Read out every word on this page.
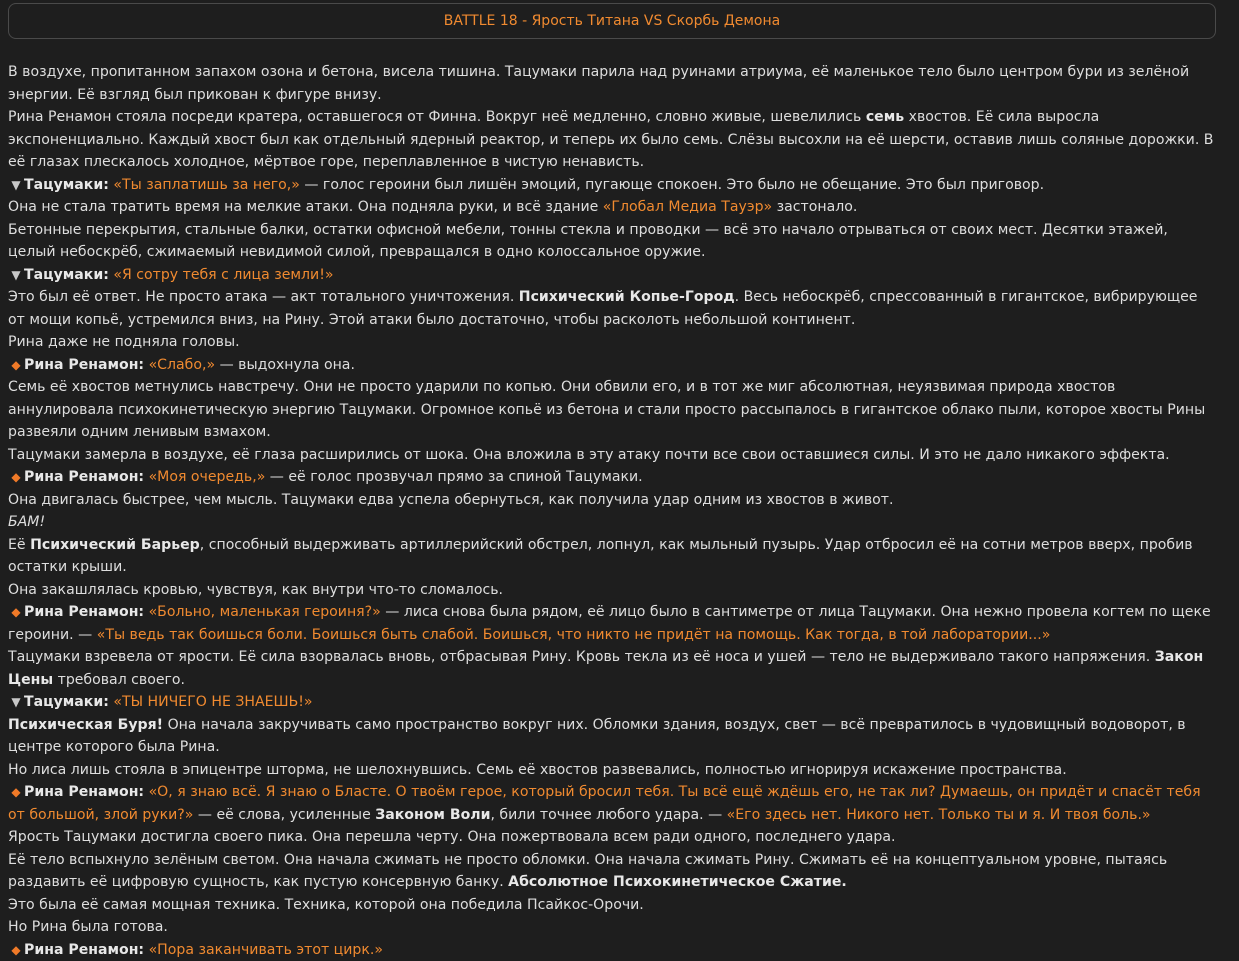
BATTLE 18 - Ярость Титана VS Скорбь Демона
В воздухе, пропитанном запахом озона и бетона, висела тишина. Тацумаки парила над руинами атриума, её маленькое тело было центром бури из зелёной энергии. Её взгляд был прикован к фигуре внизу.
Рина Ренамон стояла посреди кратера, оставшегося от Финна. Вокруг неё медленно, словно живые, шевелились семь хвостов. Её сила выросла экспоненциально. Каждый хвост был как отдельный ядерный реактор, и теперь их было семь. Слёзы высохли на её шерсти, оставив лишь соляные дорожки. В её глазах плескалось холодное, мёртвое горе, переплавленное в чистую ненависть.
▼ Тацумаки: «Ты заплатишь за него,» — голос героини был лишён эмоций, пугающе спокоен. Это было не обещание. Это был приговор.
Она не стала тратить время на мелкие атаки. Она подняла руки, и всё здание «Глобал Медиа Тауэр» застонало.
Бетонные перекрытия, стальные балки, остатки офисной мебели, тонны стекла и проводки — всё это начало отрываться от своих мест. Десятки этажей, целый небоскрёб, сжимаемый невидимой силой, превращался в одно колоссальное оружие.
▼ Тацумаки: «Я сотру тебя с лица земли!»
Это был её ответ. Не просто атака — акт тотального уничтожения. Психический Копье-Город. Весь небоскрёб, спрессованный в гигантское, вибрирующее от мощи копьё, устремился вниз, на Рину. Этой атаки было достаточно, чтобы расколоть небольшой континент.
Рина даже не подняла головы.
◆ Рина Ренамон: «Слабо,» — выдохнула она.
Семь её хвостов метнулись навстречу. Они не просто ударили по копью. Они обвили его, и в тот же миг абсолютная, неуязвимая природа хвостов аннулировала психокинетическую энергию Тацумаки. Огромное копьё из бетона и стали просто рассыпалось в гигантское облако пыли, которое хвосты Рины развеяли одним ленивым взмахом.
Тацумаки замерла в воздухе, её глаза расширились от шока. Она вложила в эту атаку почти все свои оставшиеся силы. И это не дало никакого эффекта.
◆ Рина Ренамон: «Моя очередь,» — её голос прозвучал прямо за спиной Тацумаки.
Она двигалась быстрее, чем мысль. Тацумаки едва успела обернуться, как получила удар одним из хвостов в живот.
БАМ!
Её Психический Барьер, способный выдерживать артиллерийский обстрел, лопнул, как мыльный пузырь. Удар отбросил её на сотни метров вверх, пробив остатки крыши.
Она закашлялась кровью, чувствуя, как внутри что-то сломалось.
◆ Рина Ренамон: «Больно, маленькая героиня?» — лиса снова была рядом, её лицо было в сантиметре от лица Тацумаки. Она нежно провела когтем по щеке героини. — «Ты ведь так боишься боли. Боишься быть слабой. Боишься, что никто не придёт на помощь. Как тогда, в той лаборатории...»
Тацумаки взревела от ярости. Её сила взорвалась вновь, отбрасывая Рину. Кровь текла из её носа и ушей — тело не выдерживало такого напряжения. Закон Цены требовал своего.
▼ Тацумаки: «ТЫ НИЧЕГО НЕ ЗНАЕШЬ!»
Психическая Буря! Она начала закручивать само пространство вокруг них. Обломки здания, воздух, свет — всё превратилось в чудовищный водоворот, в центре которого была Рина.
Но лиса лишь стояла в эпицентре шторма, не шелохнувшись. Семь её хвостов развевались, полностью игнорируя искажение пространства.
◆ Рина Ренамон: «О, я знаю всё. Я знаю о Бласте. О твоём герое, который бросил тебя. Ты всё ещё ждёшь его, не так ли? Думаешь, он придёт и спасёт тебя от большой, злой руки?» — её слова, усиленные Законом Воли, били точнее любого удара. — «Его здесь нет. Никого нет. Только ты и я. И твоя боль.»
Ярость Тацумаки достигла своего пика. Она перешла черту. Она пожертвовала всем ради одного, последнего удара.
Её тело вспыхнуло зелёным светом. Она начала сжимать не просто обломки. Она начала сжимать Рину. Сжимать её на концептуальном уровне, пытаясь раздавить её цифровую сущность, как пустую консервную банку. Абсолютное Психокинетическое Сжатие.
Это была её самая мощная техника. Техника, которой она победила Псайкос-Орочи.
Но Рина была готова.
◆ Рина Ренамон: «Пора заканчивать этот цирк.»
